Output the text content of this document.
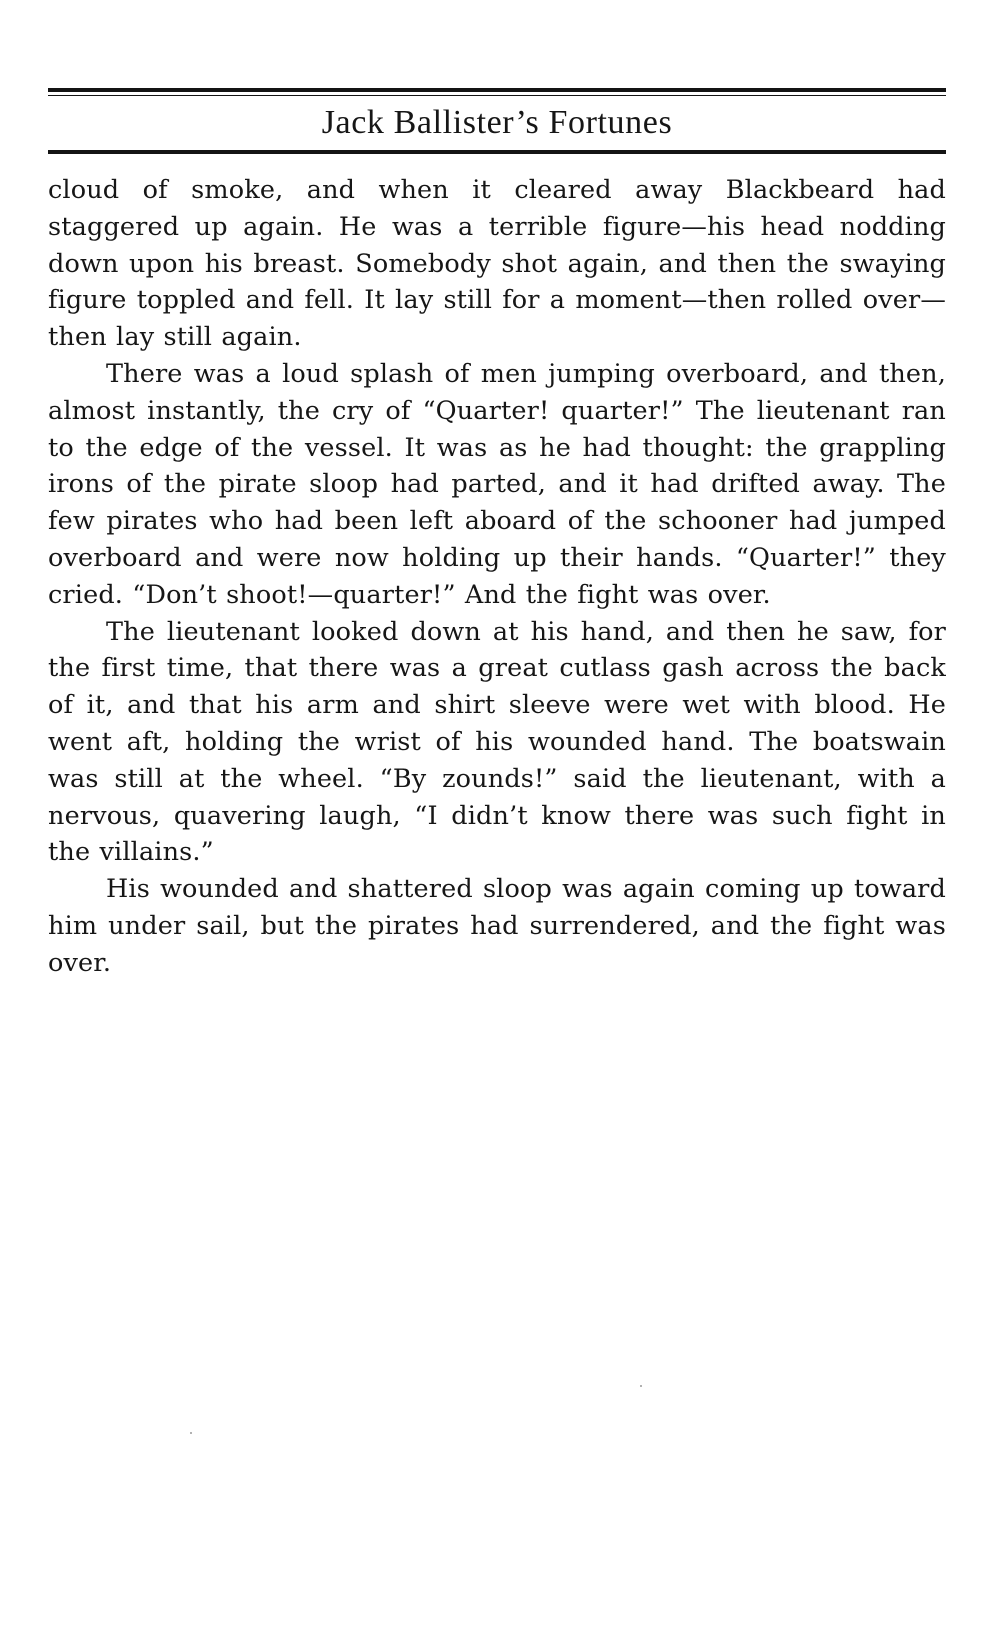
Jack Ballister’s Fortunes

cloud of smoke, and when it cleared away Blackbeard had staggered up again. He was a terrible figure—his head nodding down upon his breast. Somebody shot again, and then the swaying figure toppled and fell. It lay still for a moment—then rolled over—then lay still again.

There was a loud splash of men jumping overboard, and then, almost instantly, the cry of “Quarter! quarter!” The lieutenant ran to the edge of the vessel. It was as he had thought: the grappling irons of the pirate sloop had parted, and it had drifted away. The few pirates who had been left aboard of the schooner had jumped overboard and were now holding up their hands. “Quarter!” they cried. “Don’t shoot!—quarter!” And the fight was over.

The lieutenant looked down at his hand, and then he saw, for the first time, that there was a great cutlass gash across the back of it, and that his arm and shirt sleeve were wet with blood. He went aft, holding the wrist of his wounded hand. The boatswain was still at the wheel. “By zounds!” said the lieutenant, with a nervous, quavering laugh, “I didn’t know there was such fight in the villains.”

His wounded and shattered sloop was again coming up toward him under sail, but the pirates had surrendered, and the fight was over.
